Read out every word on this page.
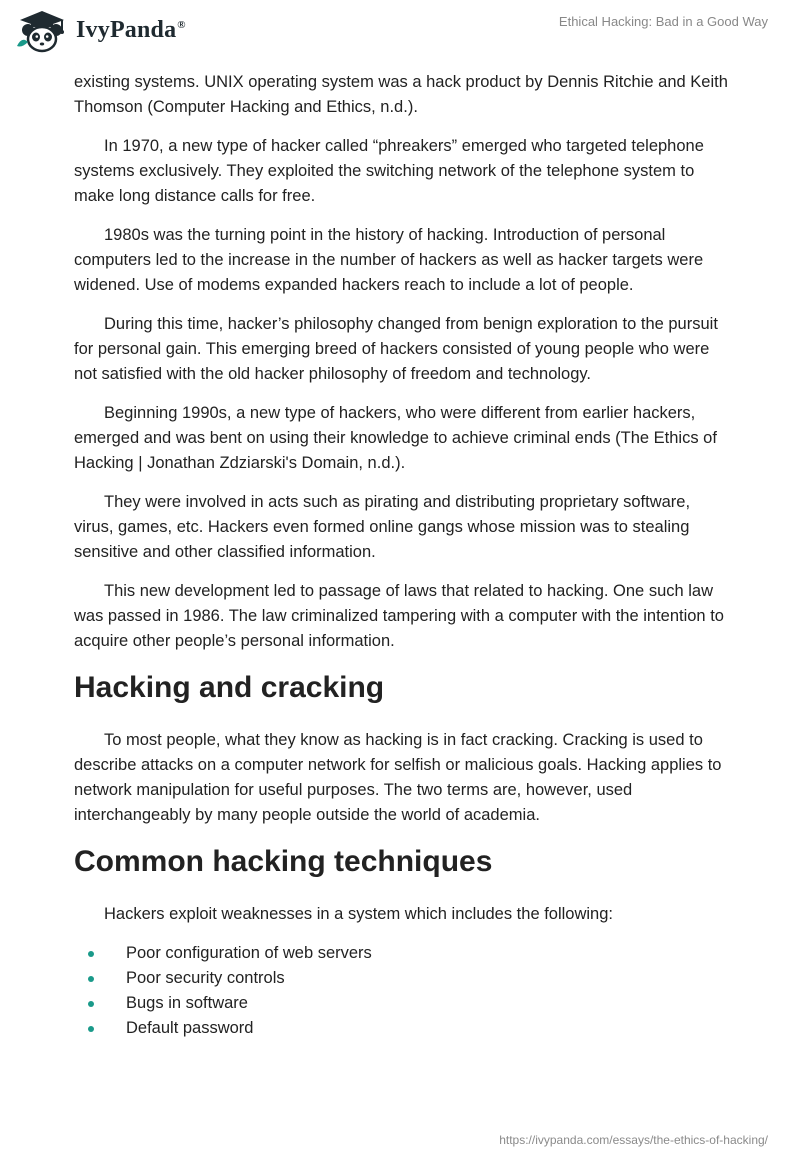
IvyPanda®	Ethical Hacking: Bad in a Good Way

existing systems. UNIX operating system was a hack product by Dennis Ritchie and Keith Thomson (Computer Hacking and Ethics, n.d.).

In 1970, a new type of hacker called “phreakers” emerged who targeted telephone systems exclusively. They exploited the switching network of the telephone system to make long distance calls for free.

1980s was the turning point in the history of hacking. Introduction of personal computers led to the increase in the number of hackers as well as hacker targets were widened. Use of modems expanded hackers reach to include a lot of people.

During this time, hacker’s philosophy changed from benign exploration to the pursuit for personal gain. This emerging breed of hackers consisted of young people who were not satisfied with the old hacker philosophy of freedom and technology.

Beginning 1990s, a new type of hackers, who were different from earlier hackers, emerged and was bent on using their knowledge to achieve criminal ends (The Ethics of Hacking | Jonathan Zdziarski's Domain, n.d.).

They were involved in acts such as pirating and distributing proprietary software, virus, games, etc. Hackers even formed online gangs whose mission was to stealing sensitive and other classified information.

This new development led to passage of laws that related to hacking. One such law was passed in 1986. The law criminalized tampering with a computer with the intention to acquire other people’s personal information.

Hacking and cracking

To most people, what they know as hacking is in fact cracking. Cracking is used to describe attacks on a computer network for selfish or malicious goals. Hacking applies to network manipulation for useful purposes. The two terms are, however, used interchangeably by many people outside the world of academia.

Common hacking techniques

Hackers exploit weaknesses in a system which includes the following:

Poor configuration of web servers
Poor security controls
Bugs in software
Default password
https://ivypanda.com/essays/the-ethics-of-hacking/
